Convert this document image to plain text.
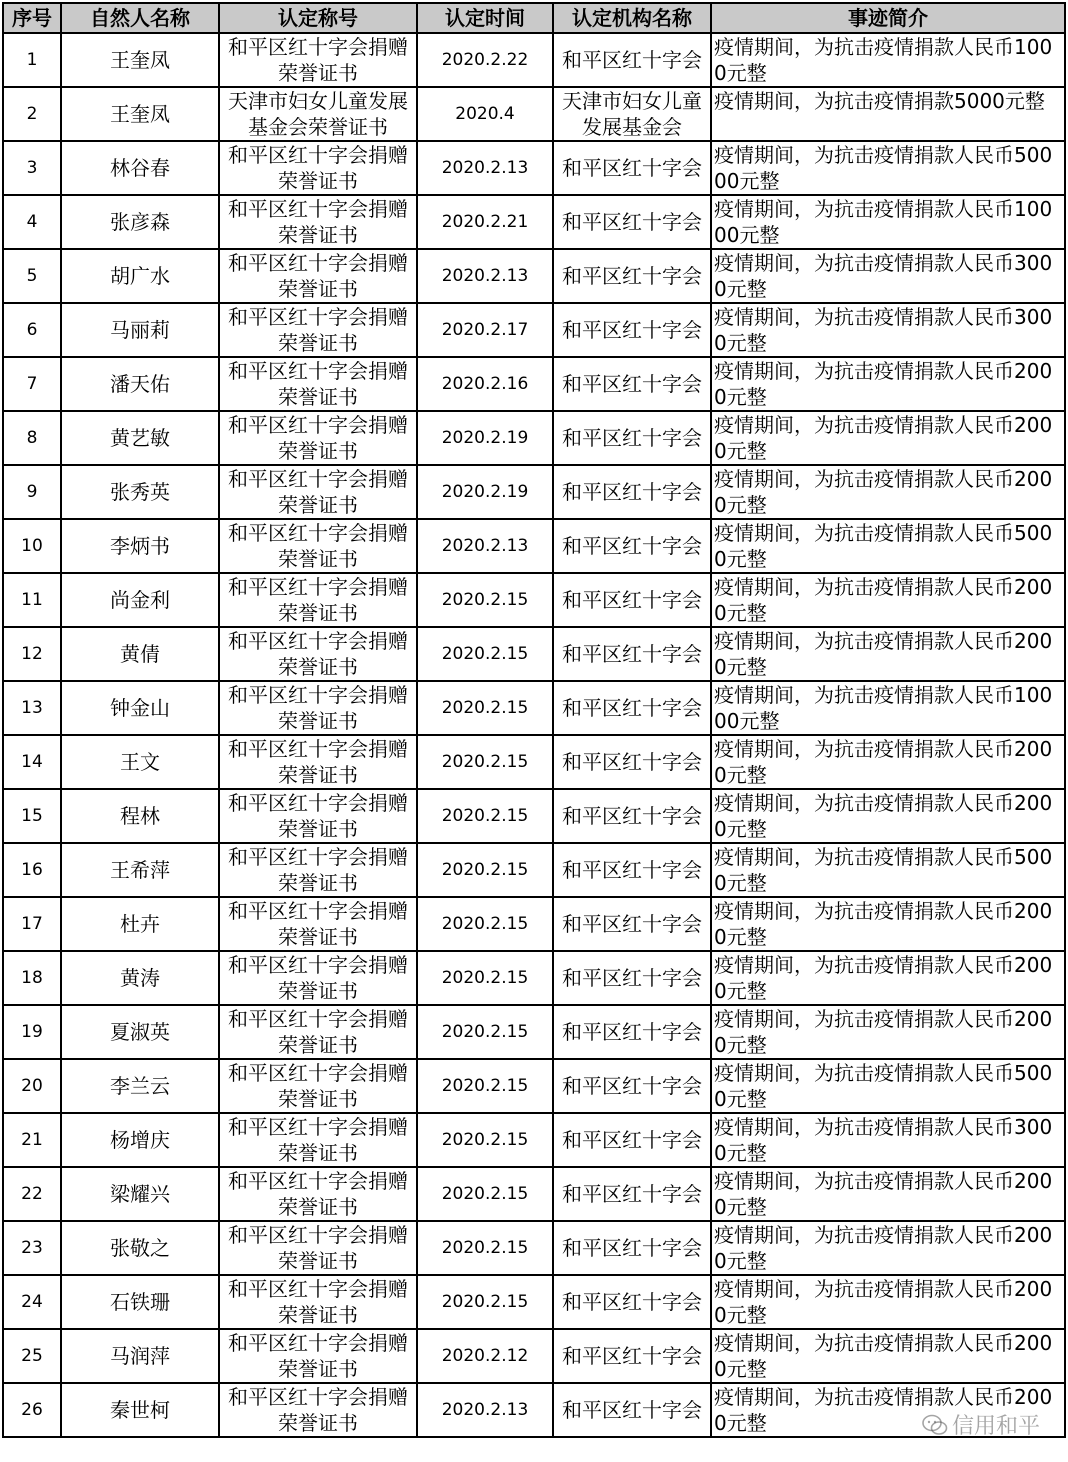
序号	自然人名称	认定称号	认定时间	认定机构名称	事迹简介

1	王奎凤	和平区红十字会捐赠荣誉证书	2020.2.22	和平区红十字会	疫情期间，为抗击疫情捐款人民币1000元整

2	王奎凤	天津市妇女儿童发展基金会荣誉证书	2020.4	天津市妇女儿童发展基金会	疫情期间，为抗击疫情捐款5000元整

3	林谷春	和平区红十字会捐赠荣誉证书	2020.2.13	和平区红十字会	疫情期间，为抗击疫情捐款人民币50000元整

4	张彦森	和平区红十字会捐赠荣誉证书	2020.2.21	和平区红十字会	疫情期间，为抗击疫情捐款人民币10000元整

5	胡广水	和平区红十字会捐赠荣誉证书	2020.2.13	和平区红十字会	疫情期间，为抗击疫情捐款人民币3000元整

6	马丽莉	和平区红十字会捐赠荣誉证书	2020.2.17	和平区红十字会	疫情期间，为抗击疫情捐款人民币3000元整

7	潘天佑	和平区红十字会捐赠荣誉证书	2020.2.16	和平区红十字会	疫情期间，为抗击疫情捐款人民币2000元整

8	黄艺敏	和平区红十字会捐赠荣誉证书	2020.2.19	和平区红十字会	疫情期间，为抗击疫情捐款人民币2000元整

9	张秀英	和平区红十字会捐赠荣誉证书	2020.2.19	和平区红十字会	疫情期间，为抗击疫情捐款人民币2000元整

10	李炳书	和平区红十字会捐赠荣誉证书	2020.2.13	和平区红十字会	疫情期间，为抗击疫情捐款人民币5000元整

11	尚金利	和平区红十字会捐赠荣誉证书	2020.2.15	和平区红十字会	疫情期间，为抗击疫情捐款人民币2000元整

12	黄倩	和平区红十字会捐赠荣誉证书	2020.2.15	和平区红十字会	疫情期间，为抗击疫情捐款人民币2000元整

13	钟金山	和平区红十字会捐赠荣誉证书	2020.2.15	和平区红十字会	疫情期间，为抗击疫情捐款人民币10000元整

14	王文	和平区红十字会捐赠荣誉证书	2020.2.15	和平区红十字会	疫情期间，为抗击疫情捐款人民币2000元整

15	程林	和平区红十字会捐赠荣誉证书	2020.2.15	和平区红十字会	疫情期间，为抗击疫情捐款人民币2000元整

16	王希萍	和平区红十字会捐赠荣誉证书	2020.2.15	和平区红十字会	疫情期间，为抗击疫情捐款人民币5000元整

17	杜卉	和平区红十字会捐赠荣誉证书	2020.2.15	和平区红十字会	疫情期间，为抗击疫情捐款人民币2000元整

18	黄涛	和平区红十字会捐赠荣誉证书	2020.2.15	和平区红十字会	疫情期间，为抗击疫情捐款人民币2000元整

19	夏淑英	和平区红十字会捐赠荣誉证书	2020.2.15	和平区红十字会	疫情期间，为抗击疫情捐款人民币2000元整

20	李兰云	和平区红十字会捐赠荣誉证书	2020.2.15	和平区红十字会	疫情期间，为抗击疫情捐款人民币5000元整

21	杨增庆	和平区红十字会捐赠荣誉证书	2020.2.15	和平区红十字会	疫情期间，为抗击疫情捐款人民币3000元整

22	梁耀兴	和平区红十字会捐赠荣誉证书	2020.2.15	和平区红十字会	疫情期间，为抗击疫情捐款人民币2000元整

23	张敬之	和平区红十字会捐赠荣誉证书	2020.2.15	和平区红十字会	疫情期间，为抗击疫情捐款人民币2000元整

24	石铁珊	和平区红十字会捐赠荣誉证书	2020.2.15	和平区红十字会	疫情期间，为抗击疫情捐款人民币2000元整

25	马润萍	和平区红十字会捐赠荣誉证书	2020.2.12	和平区红十字会	疫情期间，为抗击疫情捐款人民币2000元整

26	秦世柯	和平区红十字会捐赠荣誉证书	2020.2.13	和平区红十字会	疫情期间，为抗击疫情捐款人民币2000元整	信用和平
